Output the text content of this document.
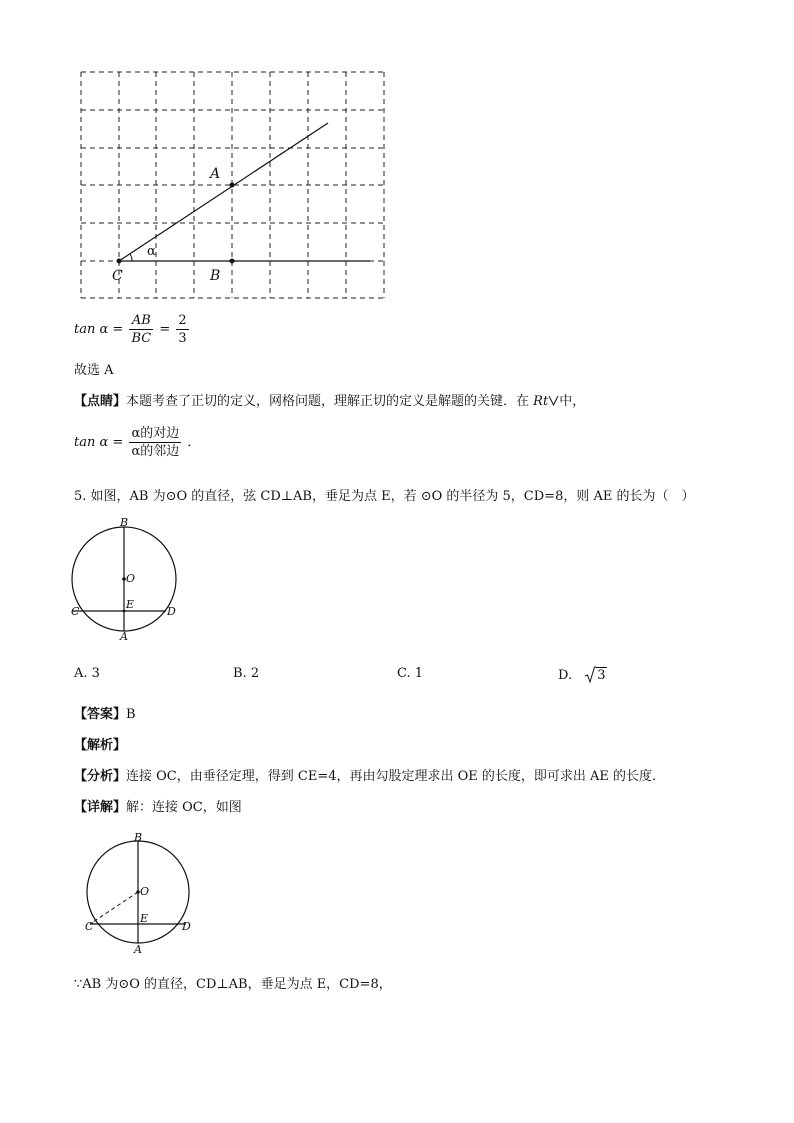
A
C	B
α
$\tan \alpha = \frac{AB}{BC} = \frac{2}{3}$
故选 A
【点睛】本题考查了正切的定义，网格问题，理解正切的定义是解题的关键．在 Rt 中，
$\tan \alpha = \frac{\text{α的对边}}{\text{α的邻边}}$ ．
5. 如图，AB 为⊙O 的直径，弦 CD⊥AB，垂足为点 E，若 ⊙O 的半径为 5，CD=8，则 AE 的长为（　）
B
O
E
C	D
A
A. 3	B. 2	C. 1	D. 3
【答案】B
【解析】
【分析】连接 OC，由垂径定理，得到 CE=4，再由勾股定理求出 OE 的长度，即可求出 AE 的长度．
【详解】解：连接 OC，如图
B
O
E
C	D
A
∵AB 为⊙O 的直径，CD⊥AB，垂足为点 E，CD=8，
